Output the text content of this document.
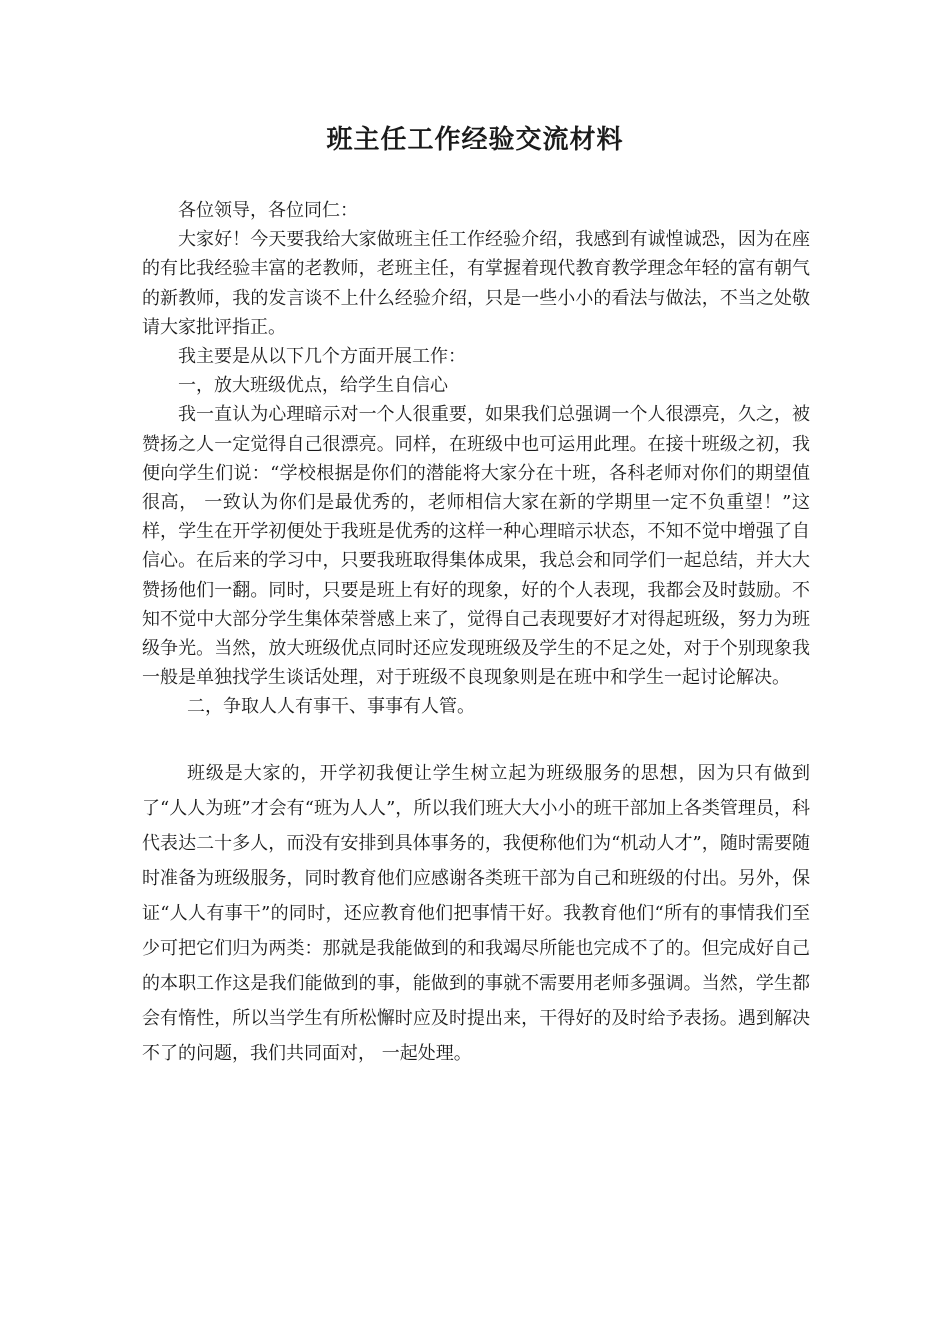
班主任工作经验交流材料

各位领导，各位同仁：

大家好！今天要我给大家做班主任工作经验介绍，我感到有诚惶诚恐，因为在座的有比我经验丰富的老教师，老班主任，有掌握着现代教育教学理念年轻的富有朝气的新教师，我的发言谈不上什么经验介绍，只是一些小小的看法与做法，不当之处敬请大家批评指正。

我主要是从以下几个方面开展工作：

一，放大班级优点，给学生自信心

我一直认为心理暗示对一个人很重要，如果我们总强调一个人很漂亮，久之，被赞扬之人一定觉得自己很漂亮。同样，在班级中也可运用此理。在接十班级之初，我便向学生们说：“学校根据是你们的潜能将大家分在十班，各科老师对你们的期望值很高， 一致认为你们是最优秀的，老师相信大家在新的学期里一定不负重望！”这样，学生在开学初便处于我班是优秀的这样一种心理暗示状态，不知不觉中增强了自信心。在后来的学习中，只要我班取得集体成果，我总会和同学们一起总结，并大大赞扬他们一翻。同时，只要是班上有好的现象，好的个人表现，我都会及时鼓励。不知不觉中大部分学生集体荣誉感上来了，觉得自己表现要好才对得起班级，努力为班级争光。当然，放大班级优点同时还应发现班级及学生的不足之处，对于个别现象我一般是单独找学生谈话处理，对于班级不良现象则是在班中和学生一起讨论解决。

二，争取人人有事干、事事有人管。

班级是大家的，开学初我便让学生树立起为班级服务的思想，因为只有做到了“人人为班”才会有“班为人人”，所以我们班大大小小的班干部加上各类管理员，科代表达二十多人，而没有安排到具体事务的，我便称他们为“机动人才”，随时需要随时准备为班级服务，同时教育他们应感谢各类班干部为自己和班级的付出。另外，保证“人人有事干”的同时，还应教育他们把事情干好。我教育他们“所有的事情我们至少可把它们归为两类：那就是我能做到的和我竭尽所能也完成不了的。但完成好自己的本职工作这是我们能做到的事，能做到的事就不需要用老师多强调。当然，学生都会有惰性，所以当学生有所松懈时应及时提出来，干得好的及时给予表扬。遇到解决不了的问题，我们共同面对， 一起处理。
